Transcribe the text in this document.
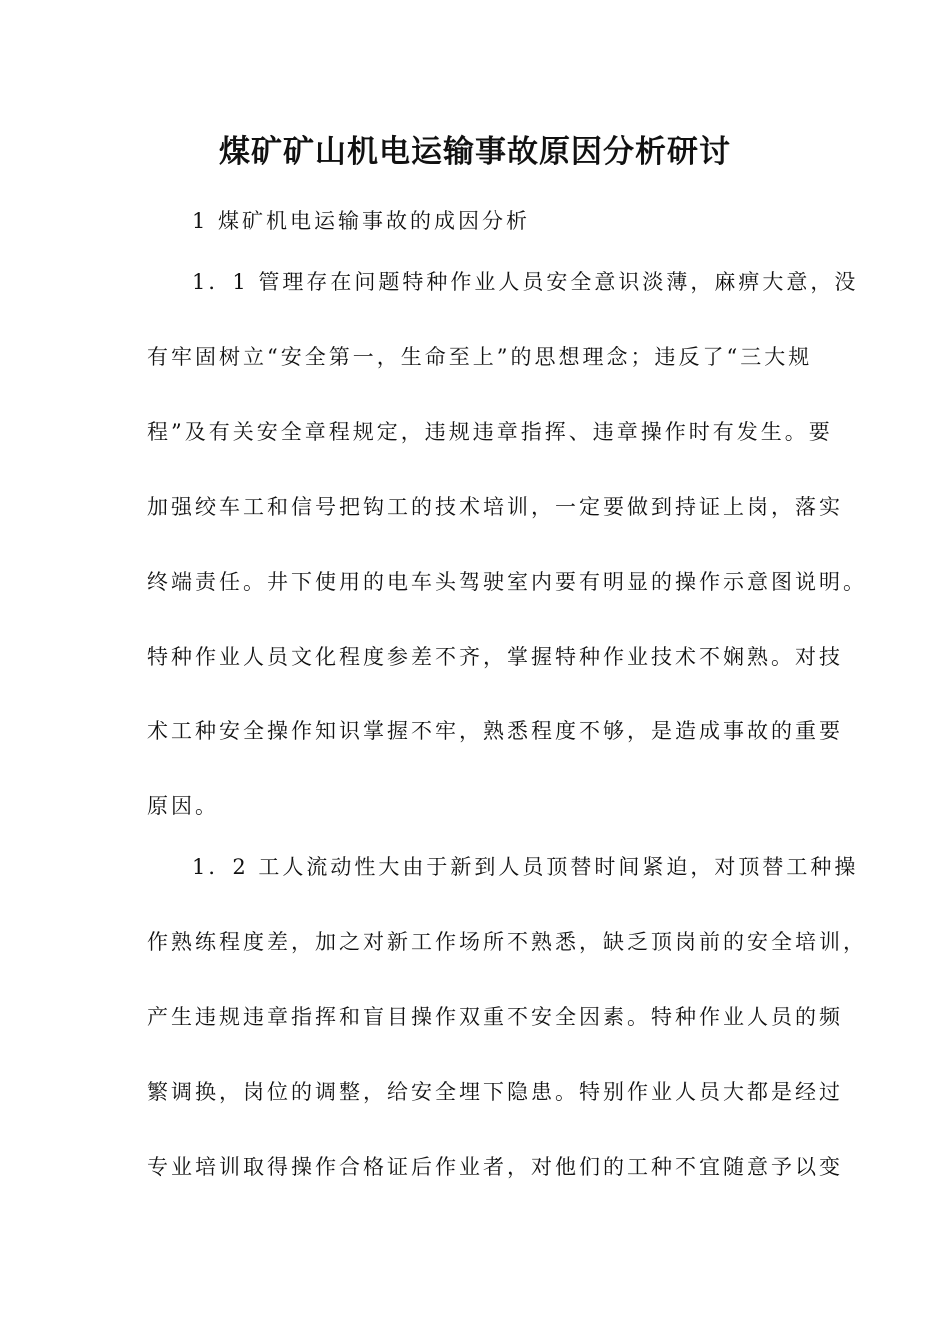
煤矿矿山机电运输事故原因分析研讨

1 煤矿机电运输事故的成因分析

1．1 管理存在问题特种作业人员安全意识淡薄，麻痹大意，没

有牢固树立“安全第一，生命至上”的思想理念；违反了“三大规

程”及有关安全章程规定，违规违章指挥、违章操作时有发生。要

加强绞车工和信号把钩工的技术培训，一定要做到持证上岗，落实

终端责任。井下使用的电车头驾驶室内要有明显的操作示意图说明。

特种作业人员文化程度参差不齐，掌握特种作业技术不娴熟。对技

术工种安全操作知识掌握不牢，熟悉程度不够，是造成事故的重要

原因。

1．2 工人流动性大由于新到人员顶替时间紧迫，对顶替工种操

作熟练程度差，加之对新工作场所不熟悉，缺乏顶岗前的安全培训，

产生违规违章指挥和盲目操作双重不安全因素。特种作业人员的频

繁调换，岗位的调整，给安全埋下隐患。特别作业人员大都是经过

专业培训取得操作合格证后作业者，对他们的工种不宜随意予以变
